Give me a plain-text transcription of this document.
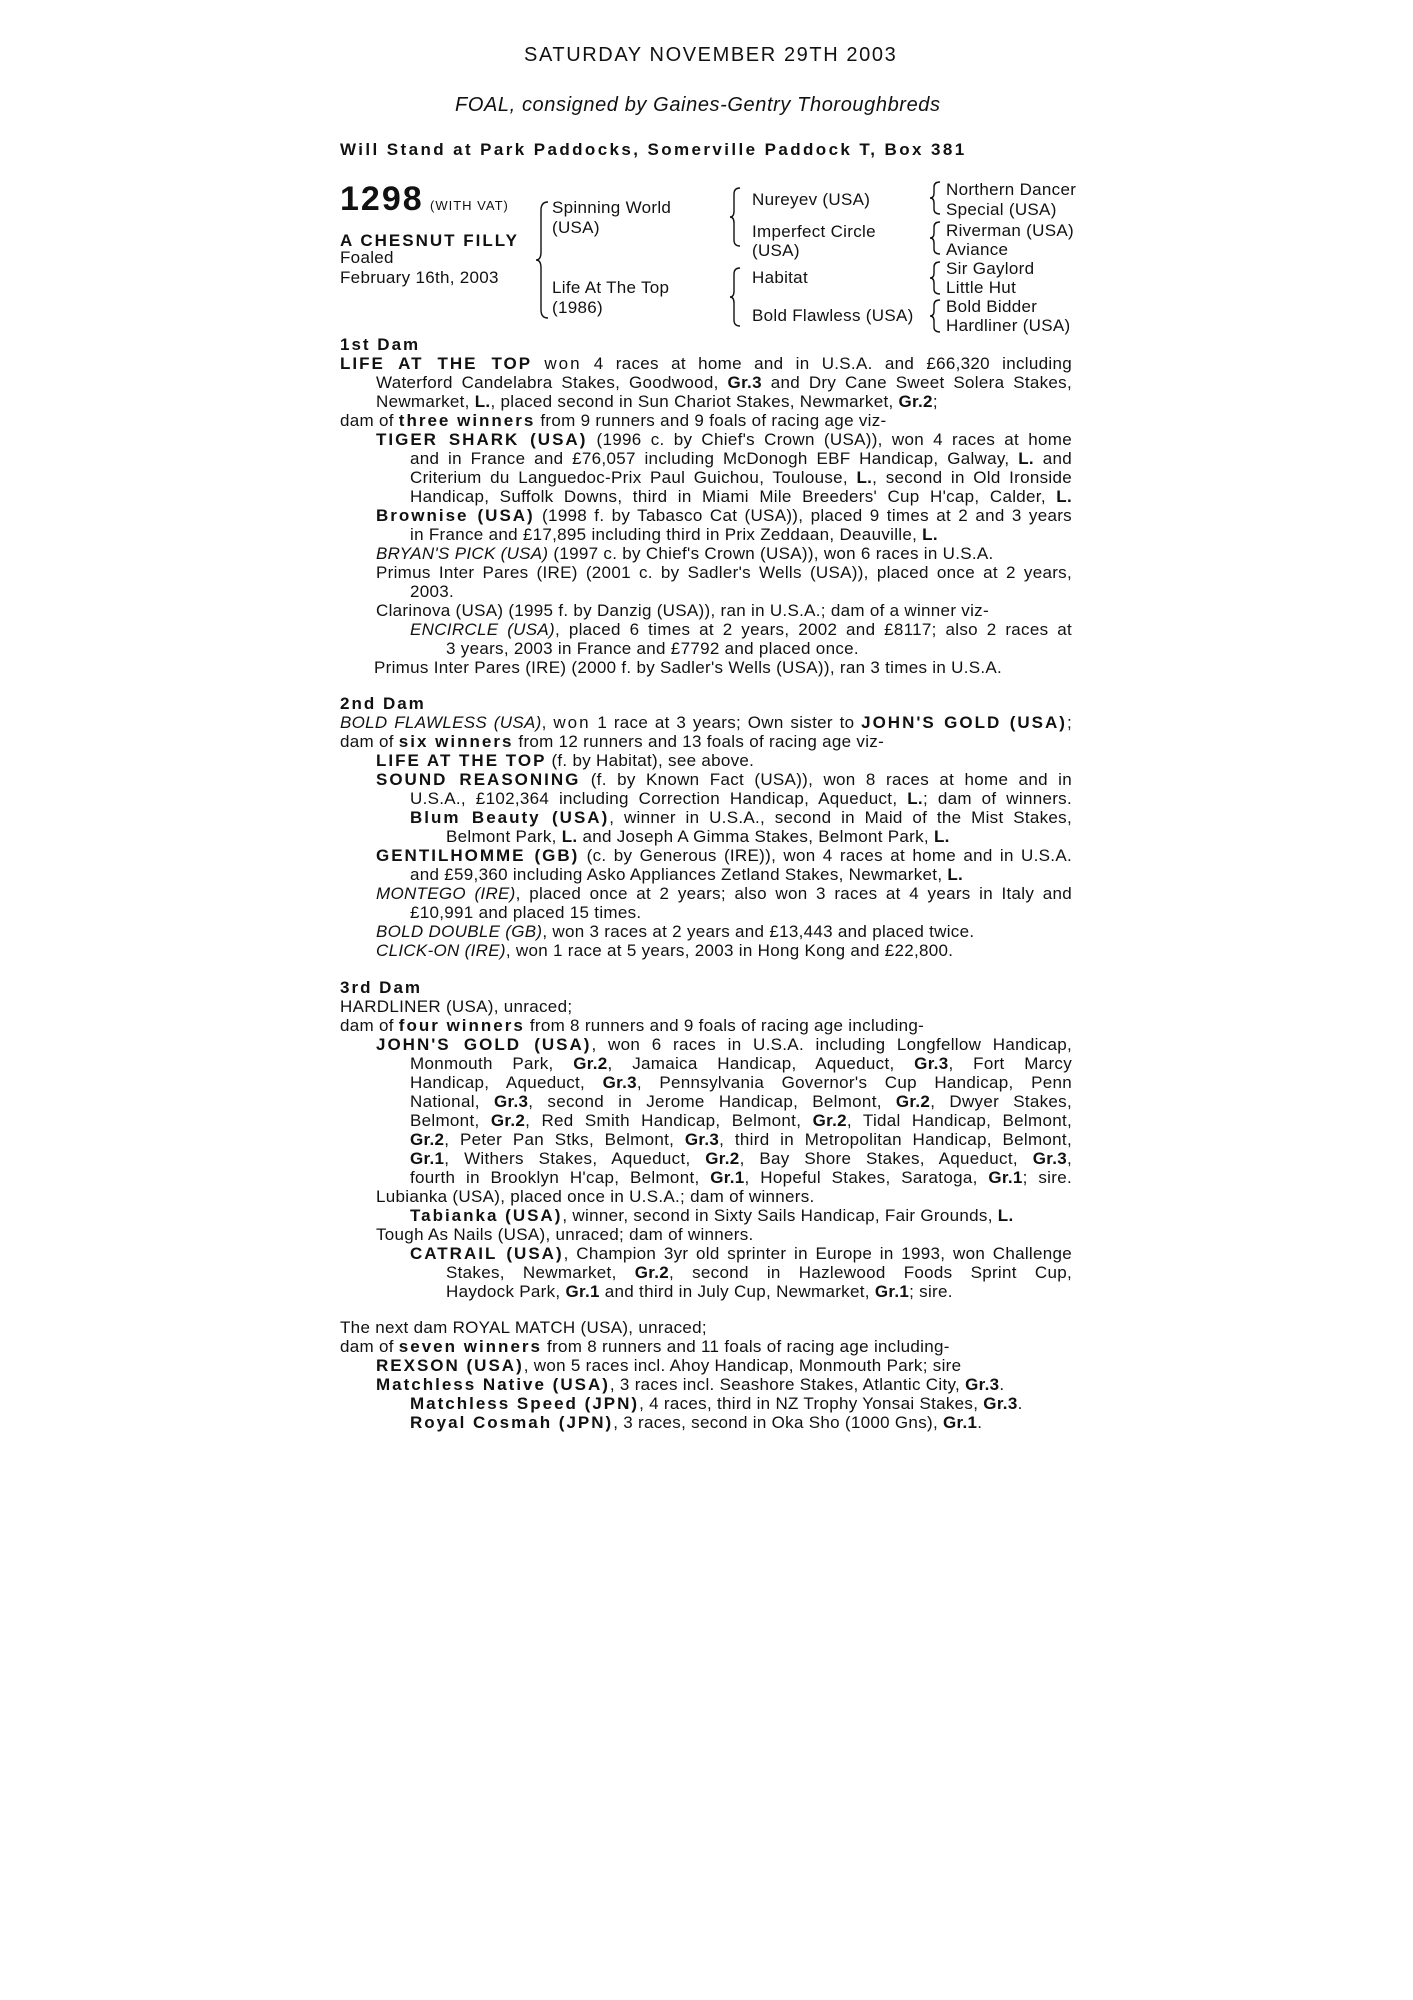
SATURDAY NOVEMBER 29TH 2003
FOAL, consigned by Gaines-Gentry Thoroughbreds
Will Stand at Park Paddocks, Somerville Paddock T, Box 381
1298 (WITH VAT)
A CHESNUT FILLY
Foaled
February 16th, 2003
Spinning World
(USA)
Life At The Top
(1986)
Nureyev (USA)
Imperfect Circle
(USA)
Habitat
Bold Flawless (USA)
Northern Dancer
Special (USA)
Riverman (USA)
Aviance
Sir Gaylord
Little Hut
Bold Bidder
Hardliner (USA)
1st Dam
LIFE AT THE TOP won 4 races at home and in U.S.A. and £66,320 including
Waterford Candelabra Stakes, Goodwood, Gr.3 and Dry Cane Sweet Solera Stakes,
Newmarket, L., placed second in Sun Chariot Stakes, Newmarket, Gr.2;
dam of three winners from 9 runners and 9 foals of racing age viz-
TIGER SHARK (USA) (1996 c. by Chief's Crown (USA)), won 4 races at home
and in France and £76,057 including McDonogh EBF Handicap, Galway, L. and
Criterium du Languedoc-Prix Paul Guichou, Toulouse, L., second in Old Ironside
Handicap, Suffolk Downs, third in Miami Mile Breeders' Cup H'cap, Calder, L.
Brownise (USA) (1998 f. by Tabasco Cat (USA)), placed 9 times at 2 and 3 years
in France and £17,895 including third in Prix Zeddaan, Deauville, L.
BRYAN'S PICK (USA) (1997 c. by Chief's Crown (USA)), won 6 races in U.S.A.
Primus Inter Pares (IRE) (2001 c. by Sadler's Wells (USA)), placed once at 2 years,
2003.
Clarinova (USA) (1995 f. by Danzig (USA)), ran in U.S.A.; dam of a winner viz-
ENCIRCLE (USA), placed 6 times at 2 years, 2002 and £8117; also 2 races at
3 years, 2003 in France and £7792 and placed once.
Primus Inter Pares (IRE) (2000 f. by Sadler's Wells (USA)), ran 3 times in U.S.A.
2nd Dam
BOLD FLAWLESS (USA), won 1 race at 3 years; Own sister to JOHN'S GOLD (USA);
dam of six winners from 12 runners and 13 foals of racing age viz-
LIFE AT THE TOP (f. by Habitat), see above.
SOUND REASONING (f. by Known Fact (USA)), won 8 races at home and in
U.S.A., £102,364 including Correction Handicap, Aqueduct, L.; dam of winners.
Blum Beauty (USA), winner in U.S.A., second in Maid of the Mist Stakes,
Belmont Park, L. and Joseph A Gimma Stakes, Belmont Park, L.
GENTILHOMME (GB) (c. by Generous (IRE)), won 4 races at home and in U.S.A.
and £59,360 including Asko Appliances Zetland Stakes, Newmarket, L.
MONTEGO (IRE), placed once at 2 years; also won 3 races at 4 years in Italy and
£10,991 and placed 15 times.
BOLD DOUBLE (GB), won 3 races at 2 years and £13,443 and placed twice.
CLICK-ON (IRE), won 1 race at 5 years, 2003 in Hong Kong and £22,800.
3rd Dam
HARDLINER (USA), unraced;
dam of four winners from 8 runners and 9 foals of racing age including-
JOHN'S GOLD (USA), won 6 races in U.S.A. including Longfellow Handicap,
Monmouth Park, Gr.2, Jamaica Handicap, Aqueduct, Gr.3, Fort Marcy
Handicap, Aqueduct, Gr.3, Pennsylvania Governor's Cup Handicap, Penn
National, Gr.3, second in Jerome Handicap, Belmont, Gr.2, Dwyer Stakes,
Belmont, Gr.2, Red Smith Handicap, Belmont, Gr.2, Tidal Handicap, Belmont,
Gr.2, Peter Pan Stks, Belmont, Gr.3, third in Metropolitan Handicap, Belmont,
Gr.1, Withers Stakes, Aqueduct, Gr.2, Bay Shore Stakes, Aqueduct, Gr.3,
fourth in Brooklyn H'cap, Belmont, Gr.1, Hopeful Stakes, Saratoga, Gr.1; sire.
Lubianka (USA), placed once in U.S.A.; dam of winners.
Tabianka (USA), winner, second in Sixty Sails Handicap, Fair Grounds, L.
Tough As Nails (USA), unraced; dam of winners.
CATRAIL (USA), Champion 3yr old sprinter in Europe in 1993, won Challenge
Stakes, Newmarket, Gr.2, second in Hazlewood Foods Sprint Cup,
Haydock Park, Gr.1 and third in July Cup, Newmarket, Gr.1; sire.
The next dam ROYAL MATCH (USA), unraced;
dam of seven winners from 8 runners and 11 foals of racing age including-
REXSON (USA), won 5 races incl. Ahoy Handicap, Monmouth Park; sire
Matchless Native (USA), 3 races incl. Seashore Stakes, Atlantic City, Gr.3.
Matchless Speed (JPN), 4 races, third in NZ Trophy Yonsai Stakes, Gr.3.
Royal Cosmah (JPN), 3 races, second in Oka Sho (1000 Gns), Gr.1.
